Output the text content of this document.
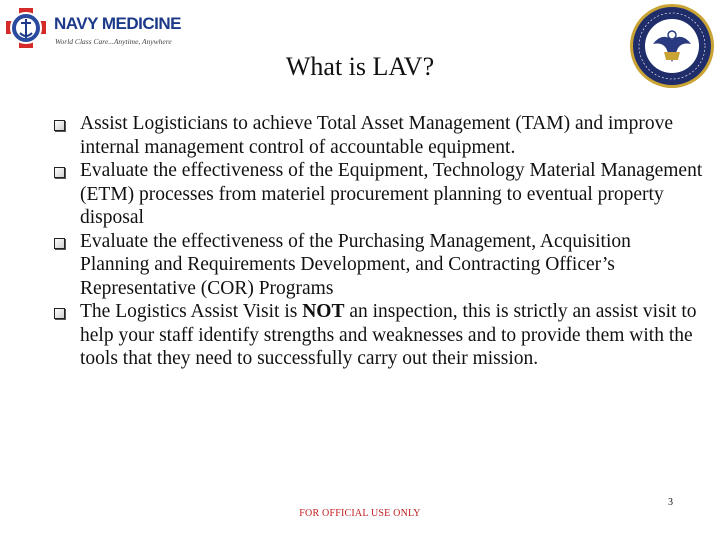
NAVY MEDICINE
World Class Care...Anytime, Anywhere
What is LAV?
Assist Logisticians to achieve Total Asset Management (TAM) and improve internal management control of accountable equipment.
Evaluate the effectiveness of the Equipment, Technology Material Management (ETM) processes from materiel procurement planning to eventual property disposal
Evaluate the effectiveness of the Purchasing Management, Acquisition Planning and Requirements Development, and Contracting Officer’s Representative (COR) Programs
The Logistics Assist Visit is NOT an inspection, this is strictly an assist visit to help your staff identify strengths and weaknesses and to provide them with the tools that they need to successfully carry out their mission.
3
FOR OFFICIAL USE ONLY
